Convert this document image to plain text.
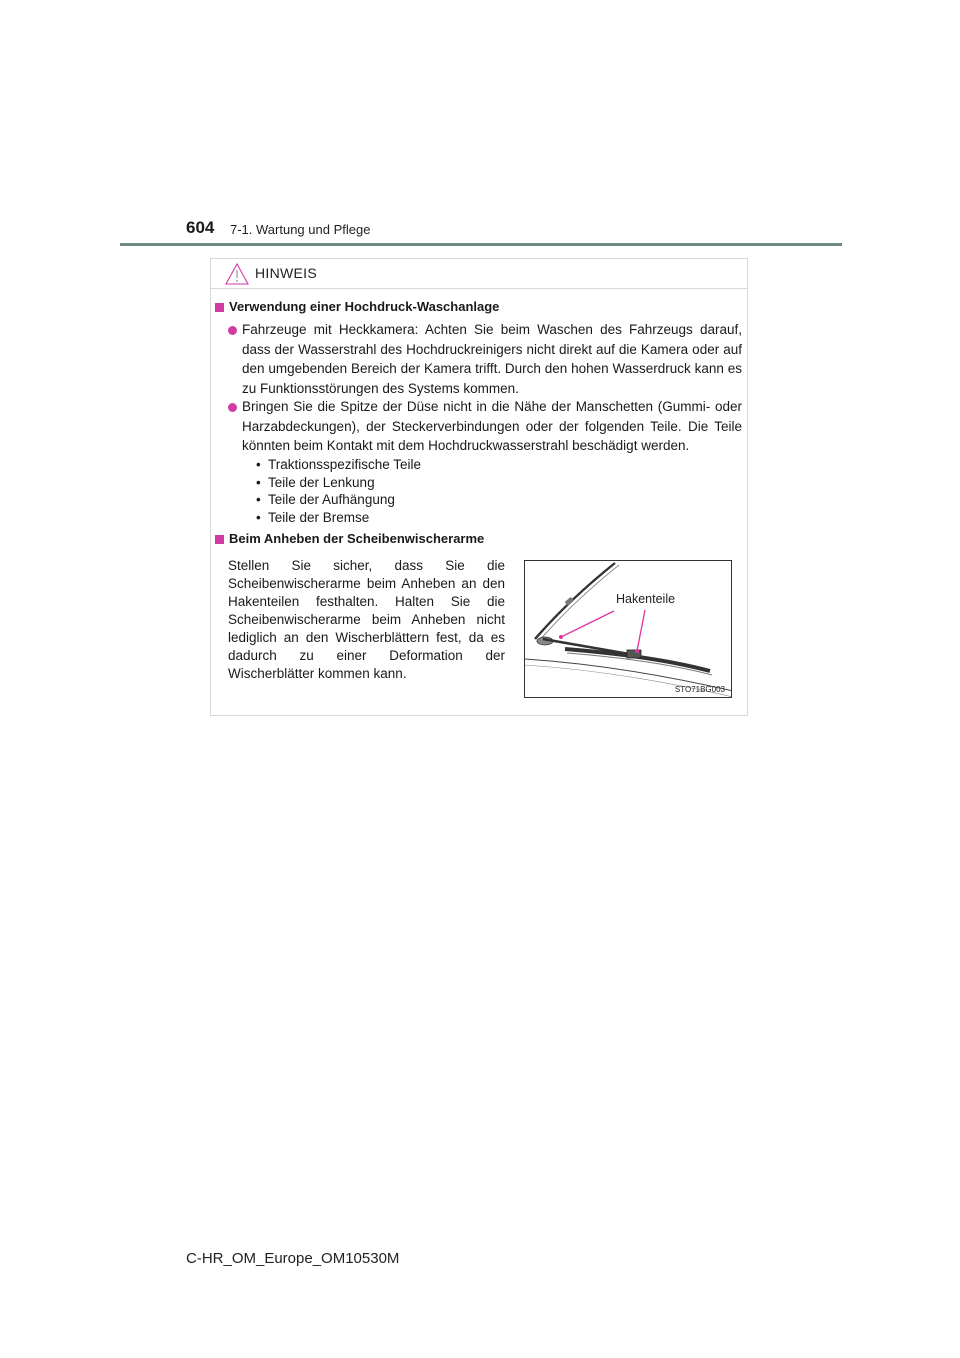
604 7-1. Wartung und Pflege
HINWEIS
Verwendung einer Hochdruck-Waschanlage
Fahrzeuge mit Heckkamera: Achten Sie beim Waschen des Fahrzeugs darauf, dass der Wasserstrahl des Hochdruckreinigers nicht direkt auf die Kamera oder auf den umgebenden Bereich der Kamera trifft. Durch den hohen Wasserdruck kann es zu Funktionsstörungen des Systems kommen.
Bringen Sie die Spitze der Düse nicht in die Nähe der Manschetten (Gummi- oder Harzabdeckungen), der Steckerverbindungen oder der folgenden Teile. Die Teile könnten beim Kontakt mit dem Hochdruckwasserstrahl beschädigt werden.
• Traktionsspezifische Teile
• Teile der Lenkung
• Teile der Aufhängung
• Teile der Bremse
Beim Anheben der Scheibenwischerarme
Stellen Sie sicher, dass Sie die Scheibenwischerarme beim Anheben an den Hakenteilen festhalten. Halten Sie die Scheibenwischerarme beim Anheben nicht lediglich an den Wischerblättern fest, da es dadurch zu einer Deformation der Wischerblätter kommen kann.
Hakenteile
STO71BG003
C-HR_OM_Europe_OM10530M
